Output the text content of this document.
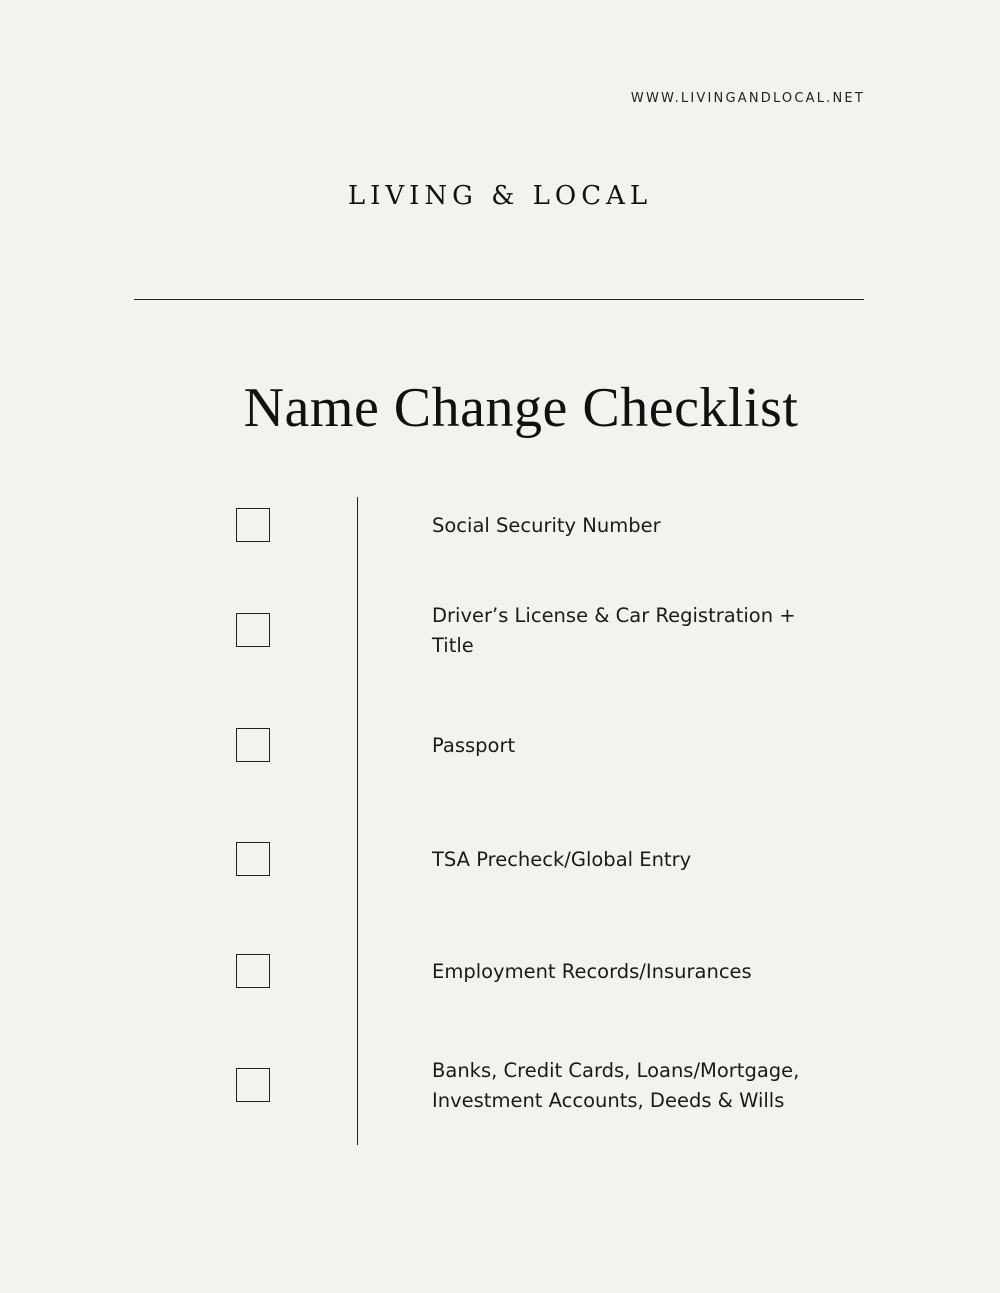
WWW.LIVINGANDLOCAL.NET
LIVING & LOCAL
Name Change Checklist
Social Security Number
Driver’s License & Car Registration + Title
Passport
TSA Precheck/Global Entry
Employment Records/Insurances
Banks, Credit Cards, Loans/Mortgage, Investment Accounts, Deeds & Wills
